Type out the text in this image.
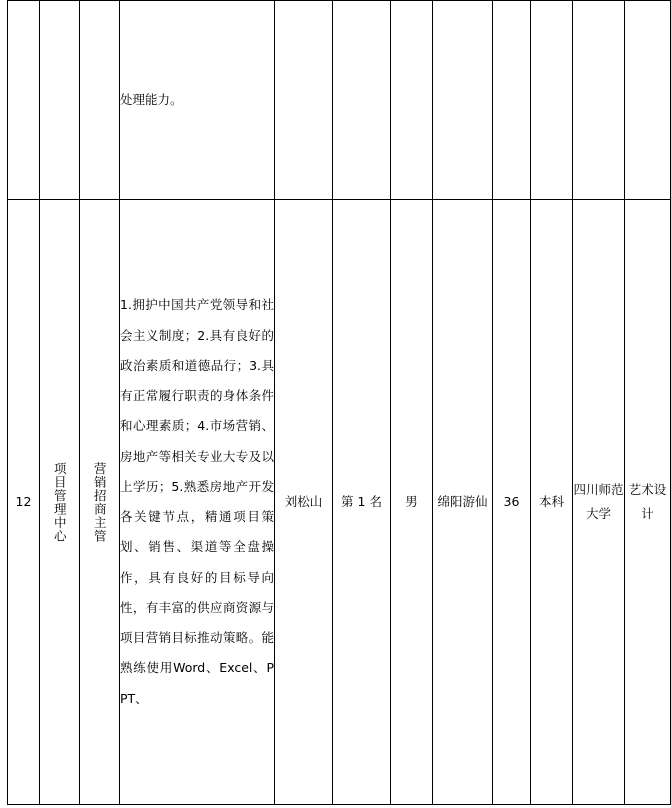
			处理能力。								

12	项目管理中心	营销招商主管	1.拥护中国共产党领导和社会主义制度；2.具有良好的政治素质和道德品行；3.具有正常履行职责的身体条件和心理素质；4.市场营销、房地产等相关专业大专及以上学历；5.熟悉房地产开发各关键节点，精通项目策划、销售、渠道等全盘操作，具有良好的目标导向性，有丰富的供应商资源与项目营销目标推动策略。能熟练使用Word、Excel、PPT、	刘松山	第 1 名	男	绵阳游仙	36	本科	四川师范大学	艺术设计
